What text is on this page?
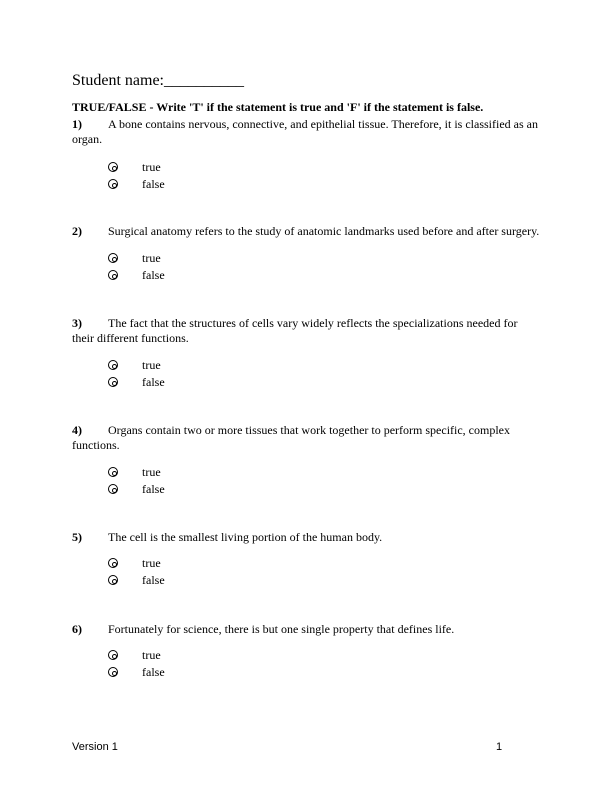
Student name:__________
TRUE/FALSE - Write 'T' if the statement is true and 'F' if the statement is false.
1)	A bone contains nervous, connective, and epithelial tissue. Therefore, it is classified as an organ.

true
false
2)	Surgical anatomy refers to the study of anatomic landmarks used before and after surgery.

true
false
3)	The fact that the structures of cells vary widely reflects the specializations needed for their different functions.

true
false
4)	Organs contain two or more tissues that work together to perform specific, complex functions.

true
false
5)	The cell is the smallest living portion of the human body.

true
false
6)	Fortunately for science, there is but one single property that defines life.

true
false
Version 1	1
